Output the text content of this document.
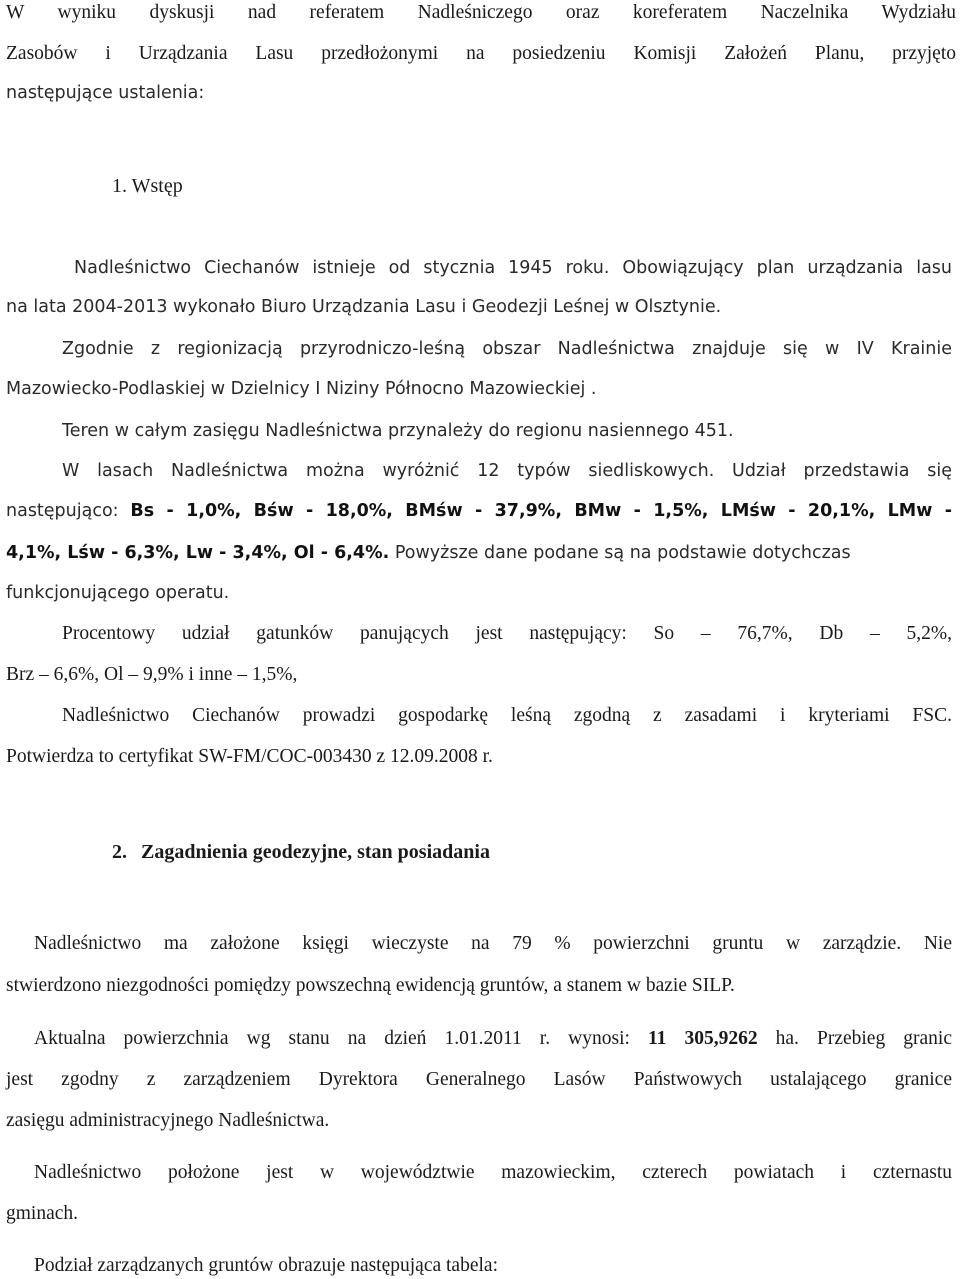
W wyniku dyskusji nad referatem Nadleśniczego oraz koreferatem Naczelnika Wydziału
Zasobów i Urządzania Lasu przedłożonymi na posiedzeniu Komisji Założeń Planu, przyjęto
następujące ustalenia:
1. Wstęp
Nadleśnictwo Ciechanów istnieje od stycznia 1945 roku. Obowiązujący plan urządzania lasu
na lata 2004-2013 wykonało Biuro Urządzania Lasu i Geodezji Leśnej w Olsztynie.
Zgodnie z regionizacją przyrodniczo-leśną obszar Nadleśnictwa znajduje się w IV Krainie
Mazowiecko-Podlaskiej w Dzielnicy I Niziny Północno Mazowieckiej .
Teren w całym zasięgu Nadleśnictwa przynależy do regionu nasiennego 451.
W lasach Nadleśnictwa można wyróżnić 12 typów siedliskowych. Udział przedstawia się
następująco: Bs - 1,0%, Bśw - 18,0%, BMśw - 37,9%, BMw - 1,5%, LMśw - 20,1%, LMw -
4,1%, Lśw - 6,3%, Lw - 3,4%, Ol - 6,4%. Powyższe dane podane są na podstawie dotychczas
funkcjonującego operatu.
Procentowy udział gatunków panujących jest następujący: So – 76,7%, Db – 5,2%,
Brz – 6,6%, Ol – 9,9% i inne – 1,5%,
Nadleśnictwo Ciechanów prowadzi gospodarkę leśną zgodną z zasadami i kryteriami FSC.
Potwierdza to certyfikat SW-FM/COC-003430 z 12.09.2008 r.
2. Zagadnienia geodezyjne, stan posiadania
Nadleśnictwo ma założone księgi wieczyste na 79 % powierzchni gruntu w zarządzie. Nie
stwierdzono niezgodności pomiędzy powszechną ewidencją gruntów, a stanem w bazie SILP.
Aktualna powierzchnia wg stanu na dzień 1.01.2011 r. wynosi: 11 305,9262 ha. Przebieg granic
jest zgodny z zarządzeniem Dyrektora Generalnego Lasów Państwowych ustalającego granice
zasięgu administracyjnego Nadleśnictwa.
Nadleśnictwo położone jest w województwie mazowieckim, czterech powiatach i czternastu
gminach.
Podział zarządzanych gruntów obrazuje następująca tabela:
